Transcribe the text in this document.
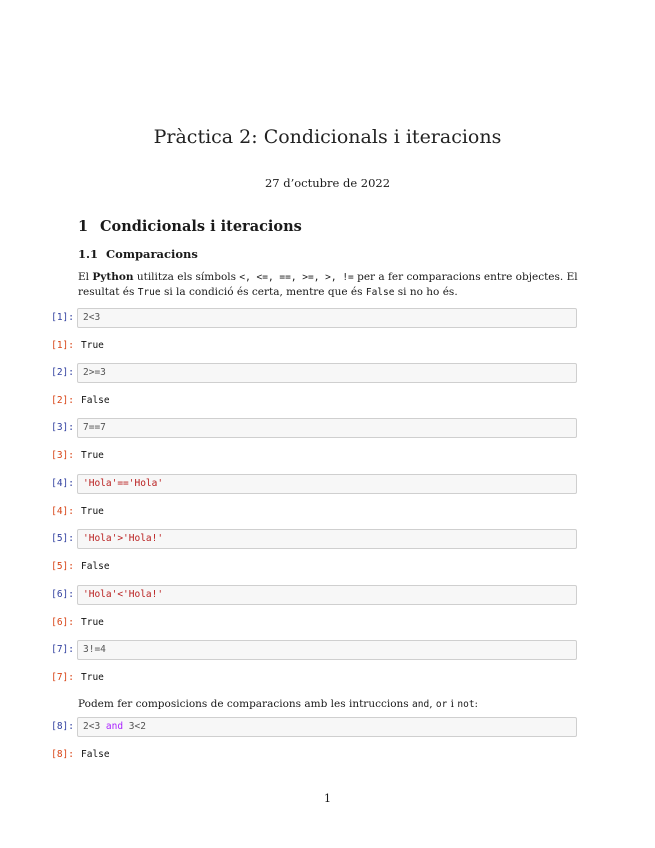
Pràctica 2: Condicionals i iteracions
27 d’octubre de 2022
1 Condicionals i iteracions
1.1 Comparacions
El Python utilitza els símbols <, <=, ==, >=, >, != per a fer comparacions entre objectes. El resultat és True si la condició és certa, mentre que és False si no ho és.
[1]: 2<3
[1]: True
[2]: 2>=3
[2]: False
[3]: 7==7
[3]: True
[4]: 'Hola'=='Hola'
[4]: True
[5]: 'Hola'>'Hola!'
[5]: False
[6]: 'Hola'<'Hola!'
[6]: True
[7]: 3!=4
[7]: True
Podem fer composicions de comparacions amb les intruccions and, or i not:
[8]: 2<3 and 3<2
[8]: False
1
